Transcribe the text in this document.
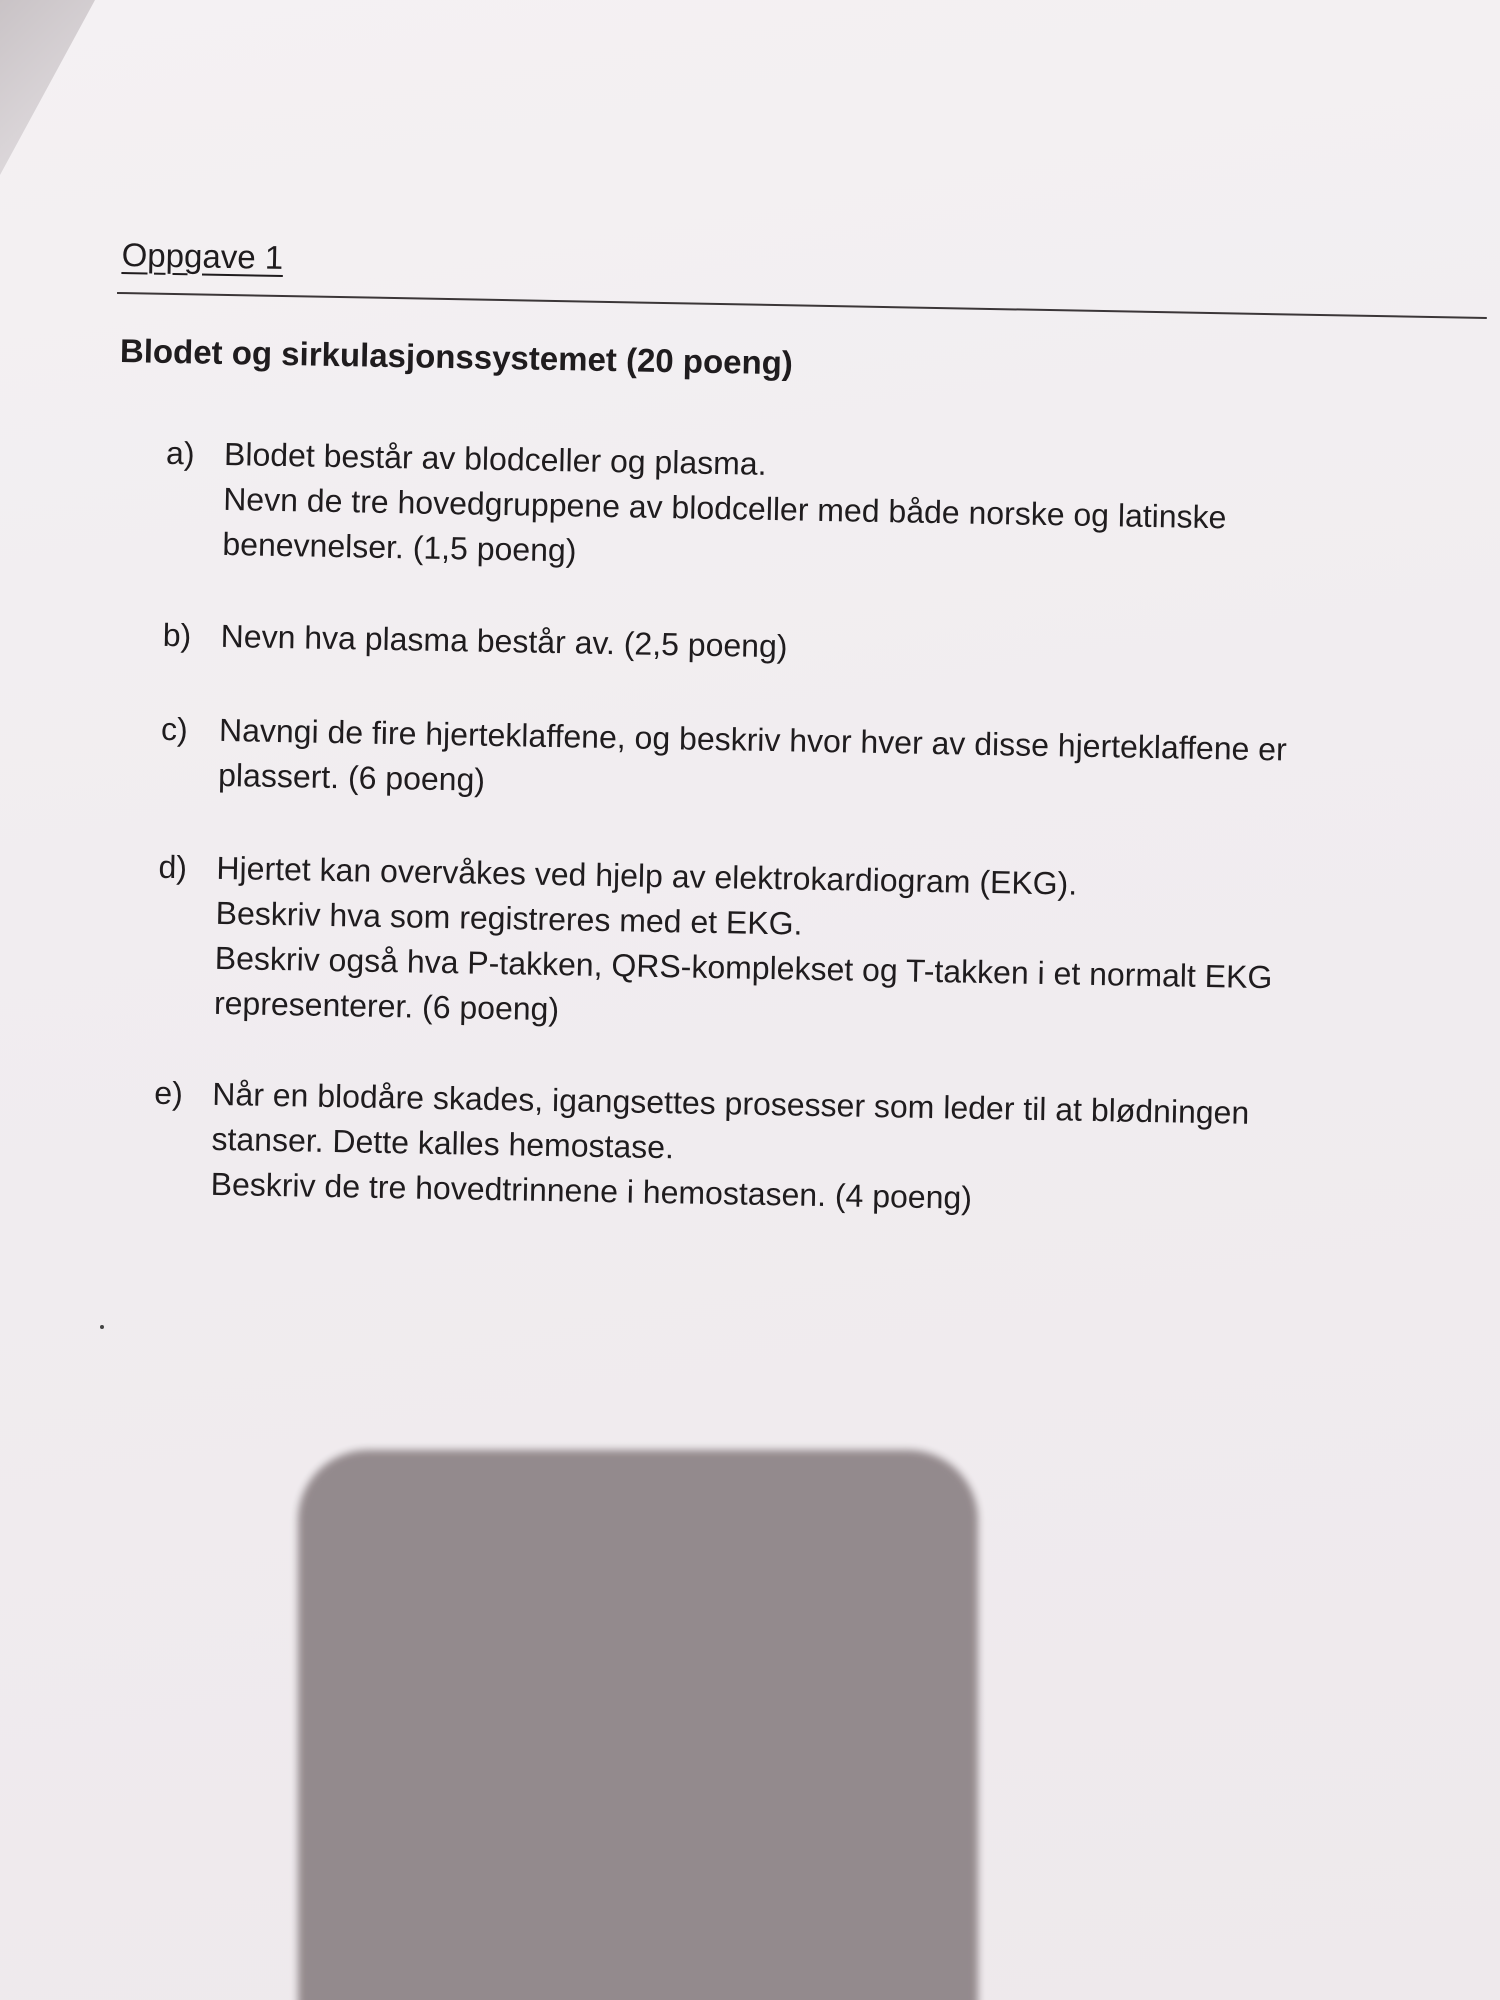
Oppgave 1
Blodet og sirkulasjonssystemet (20 poeng)
a) Blodet består av blodceller og plasma.
Nevn de tre hovedgruppene av blodceller med både norske og latinske
benevnelser. (1,5 poeng)
b) Nevn hva plasma består av. (2,5 poeng)
c) Navngi de fire hjerteklaffene, og beskriv hvor hver av disse hjerteklaffene er
plassert. (6 poeng)
d) Hjertet kan overvåkes ved hjelp av elektrokardiogram (EKG).
Beskriv hva som registreres med et EKG.
Beskriv også hva P-takken, QRS-komplekset og T-takken i et normalt EKG
representerer. (6 poeng)
e) Når en blodåre skades, igangsettes prosesser som leder til at blødningen
stanser. Dette kalles hemostase.
Beskriv de tre hovedtrinnene i hemostasen. (4 poeng)
